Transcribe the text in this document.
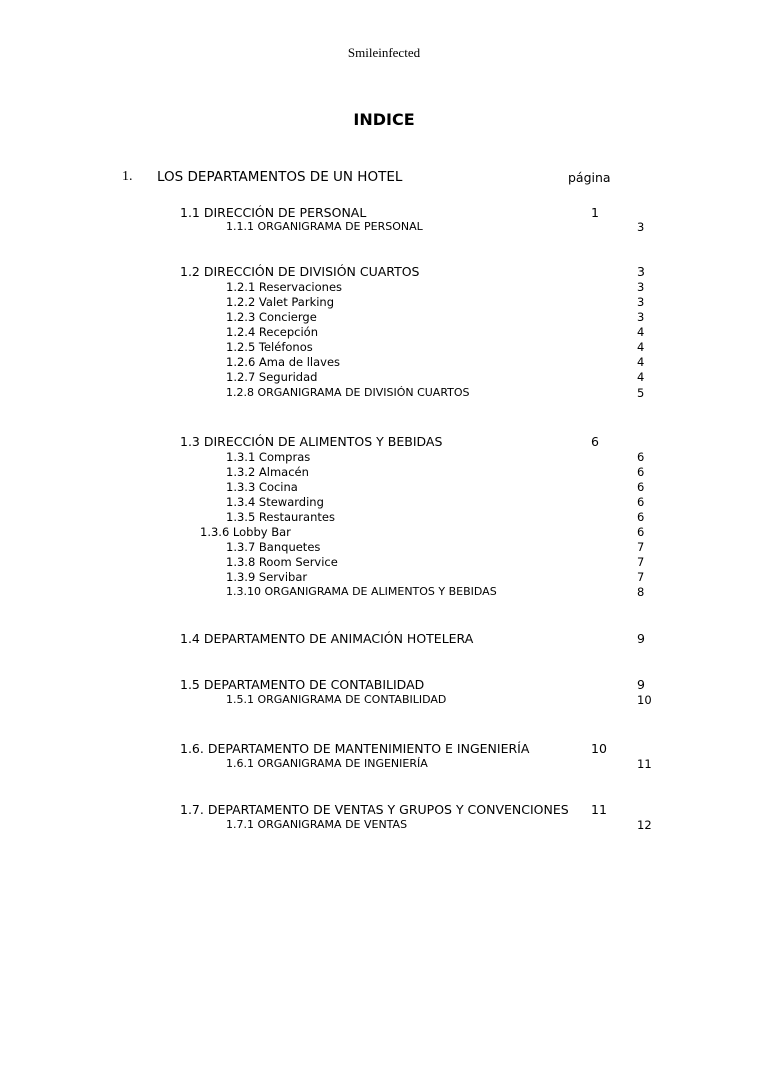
Smileinfected
INDICE
1. LOS DEPARTAMENTOS DE UN HOTEL	página
1.1 DIRECCIÓN DE PERSONAL	1
1.1.1 ORGANIGRAMA DE PERSONAL	3
1.2 DIRECCIÓN DE DIVISIÓN CUARTOS	3
1.2.1 Reservaciones	3
1.2.2 Valet Parking	3
1.2.3 Concierge	3
1.2.4 Recepción	4
1.2.5 Teléfonos	4
1.2.6 Ama de llaves	4
1.2.7 Seguridad	4
1.2.8 ORGANIGRAMA DE DIVISIÓN CUARTOS	5
1.3 DIRECCIÓN DE ALIMENTOS Y BEBIDAS	6
1.3.1 Compras	6
1.3.2 Almacén	6
1.3.3 Cocina	6
1.3.4 Stewarding	6
1.3.5 Restaurantes	6
1.3.6 Lobby Bar	6
1.3.7 Banquetes	7
1.3.8 Room Service	7
1.3.9 Servibar	7
1.3.10 ORGANIGRAMA DE ALIMENTOS Y BEBIDAS	8
1.4 DEPARTAMENTO DE ANIMACIÓN HOTELERA	9
1.5 DEPARTAMENTO DE CONTABILIDAD	9
1.5.1 ORGANIGRAMA DE CONTABILIDAD	10
1.6. DEPARTAMENTO DE MANTENIMIENTO E INGENIERÍA	10
1.6.1 ORGANIGRAMA DE INGENIERÍA	11
1.7. DEPARTAMENTO DE VENTAS Y GRUPOS Y CONVENCIONES 11
1.7.1 ORGANIGRAMA DE VENTAS	12
